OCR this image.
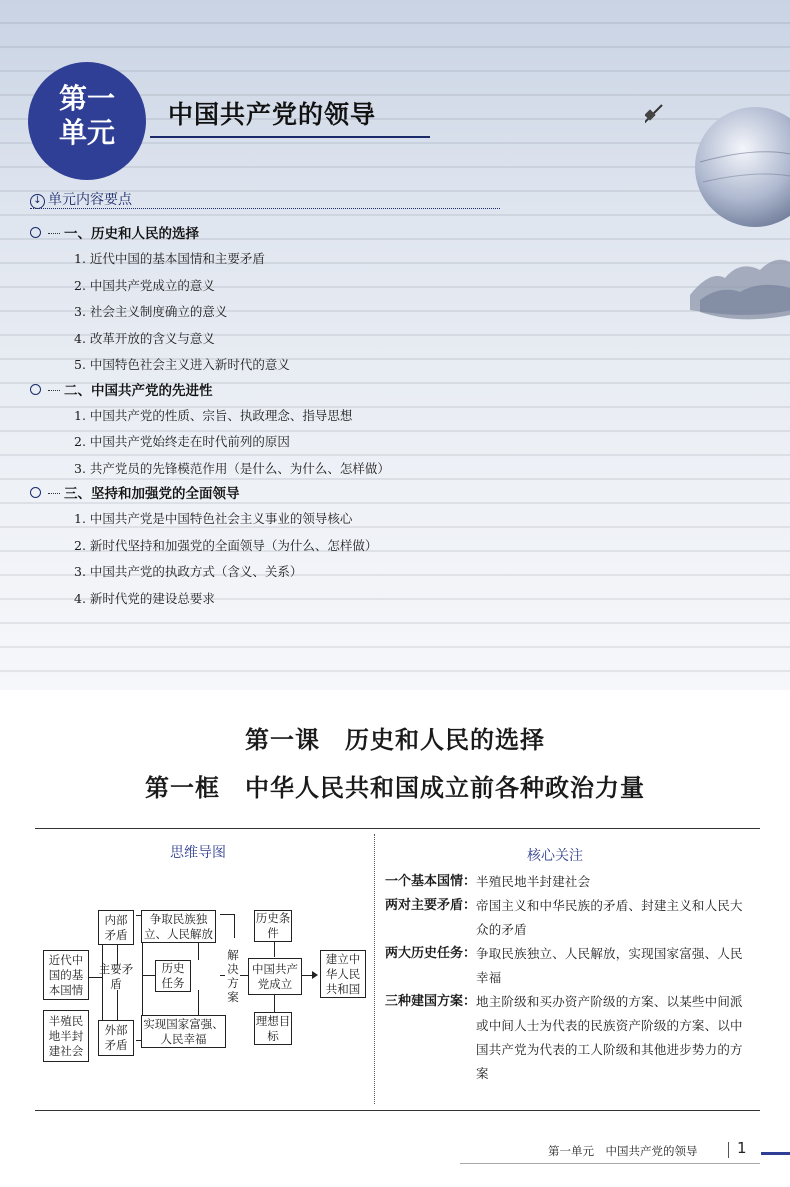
第一
单元
中国共产党的领导
↓ 单元内容要点
一、历史和人民的选择
1. 近代中国的基本国情和主要矛盾
2. 中国共产党成立的意义
3. 社会主义制度确立的意义
4. 改革开放的含义与意义
5. 中国特色社会主义进入新时代的意义
二、中国共产党的先进性
1. 中国共产党的性质、宗旨、执政理念、指导思想
2. 中国共产党始终走在时代前列的原因
3. 共产党员的先锋模范作用（是什么、为什么、怎样做）
三、坚持和加强党的全面领导
1. 中国共产党是中国特色社会主义事业的领导核心
2. 新时代坚持和加强党的全面领导（为什么、怎样做）
3. 中国共产党的执政方式（含义、关系）
4. 新时代党的建设总要求
第一课　历史和人民的选择
第一框　中华人民共和国成立前各种政治力量
思维导图	核心关注
近代中国的基本国情
半殖民地半封建社会
内部矛盾
主要矛盾
外部矛盾
争取民族独立、人民解放
历史任务
实现国家富强、人民幸福
解决方案
历史条件
中国共产党成立
理想目标
建立中华人民共和国
一个基本国情： 半殖民地半封建社会
两对主要矛盾： 帝国主义和中华民族的矛盾、封建主义和人民大众的矛盾
两大历史任务： 争取民族独立、人民解放，实现国家富强、人民幸福
三种建国方案： 地主阶级和买办资产阶级的方案、以某些中间派或中间人士为代表的民族资产阶级的方案、以中国共产党为代表的工人阶级和其他进步势力的方案
第一单元　中国共产党的领导	1
